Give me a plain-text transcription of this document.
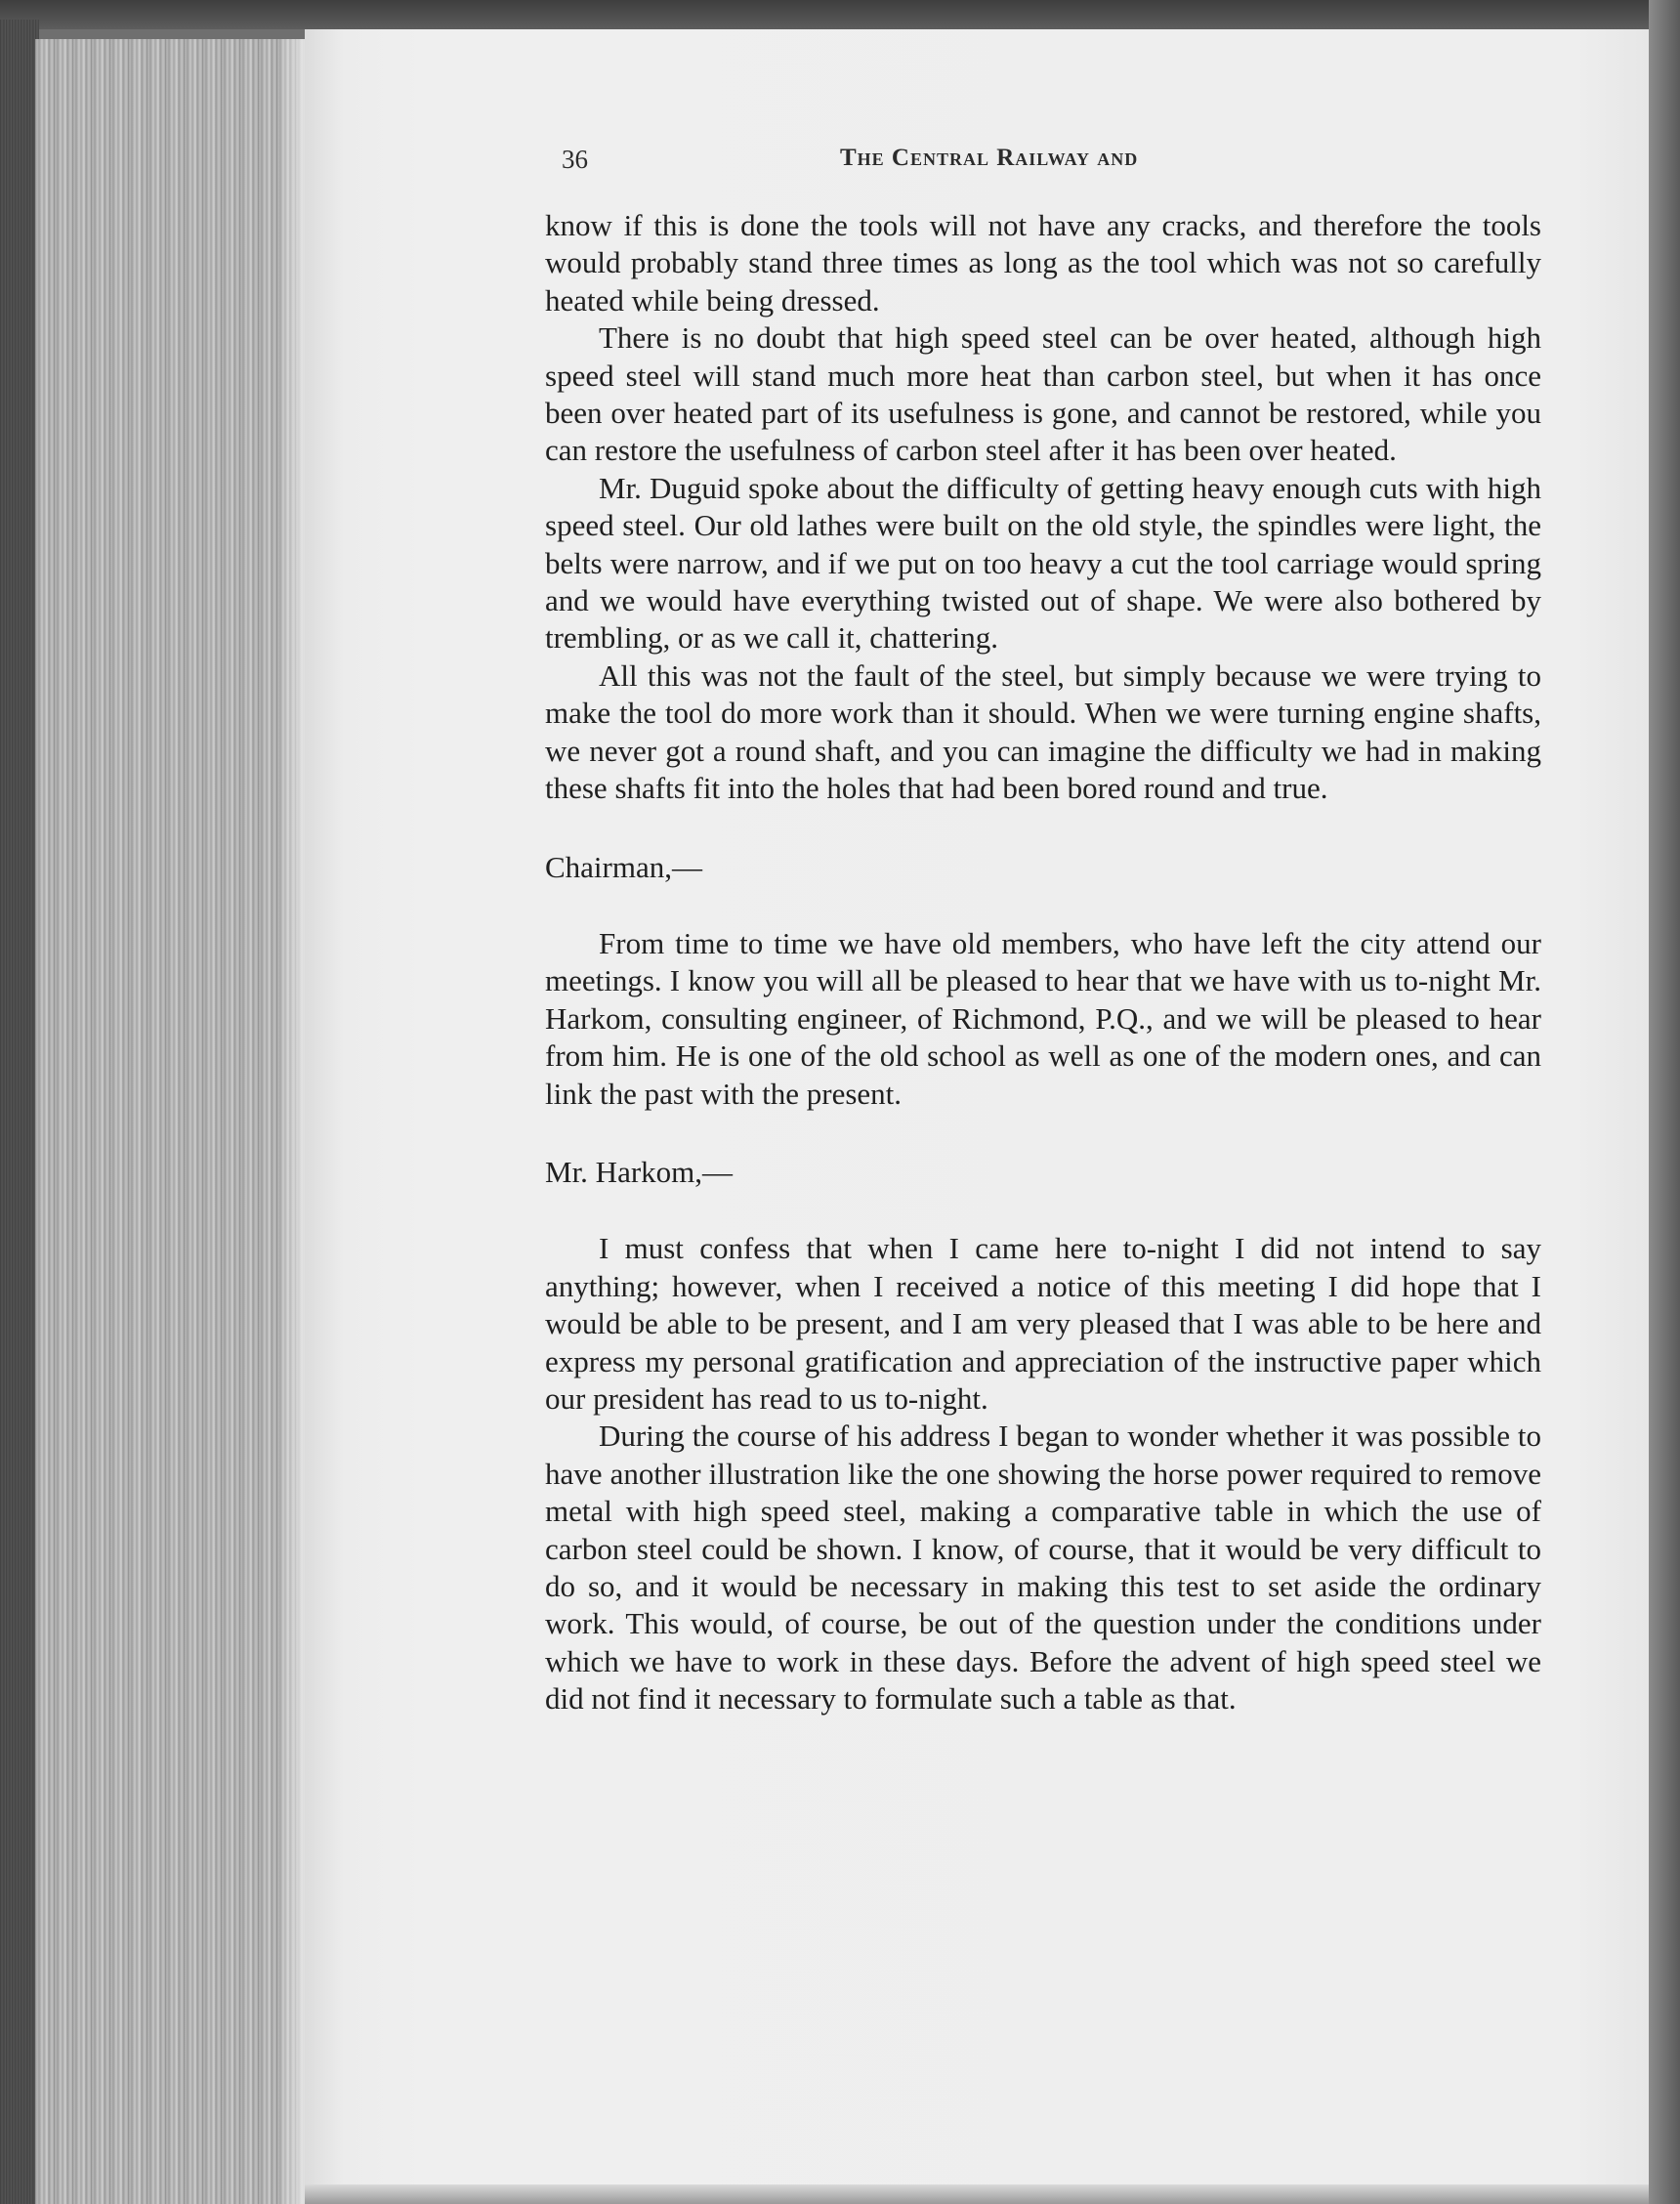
36	The Central Railway and

know if this is done the tools will not have any cracks, and therefore the tools would probably stand three times as long as the tool which was not so carefully heated while being dressed.

There is no doubt that high speed steel can be over heated, although high speed steel will stand much more heat than carbon steel, but when it has once been over heated part of its usefulness is gone, and cannot be restored, while you can restore the usefulness of carbon steel after it has been over heated.

Mr. Duguid spoke about the difficulty of getting heavy enough cuts with high speed steel. Our old lathes were built on the old style, the spindles were light, the belts were narrow, and if we put on too heavy a cut the tool carriage would spring and we would have everything twisted out of shape. We were also bothered by trembling, or as we call it, chattering.

All this was not the fault of the steel, but simply because we were trying to make the tool do more work than it should. When we were turning engine shafts, we never got a round shaft, and you can imagine the difficulty we had in making these shafts fit into the holes that had been bored round and true.

Chairman,—

From time to time we have old members, who have left the city attend our meetings. I know you will all be pleased to hear that we have with us to-night Mr. Harkom, consulting engineer, of Richmond, P.Q., and we will be pleased to hear from him. He is one of the old school as well as one of the modern ones, and can link the past with the present.

Mr. Harkom,—

I must confess that when I came here to-night I did not intend to say anything; however, when I received a notice of this meeting I did hope that I would be able to be present, and I am very pleased that I was able to be here and express my personal gratification and appreciation of the instructive paper which our president has read to us to-night.

During the course of his address I began to wonder whether it was possible to have another illustration like the one showing the horse power required to remove metal with high speed steel, making a comparative table in which the use of carbon steel could be shown. I know, of course, that it would be very difficult to do so, and it would be necessary in making this test to set aside the ordinary work. This would, of course, be out of the question under the conditions under which we have to work in these days. Before the advent of high speed steel we did not find it necessary to formulate such a table as that.
